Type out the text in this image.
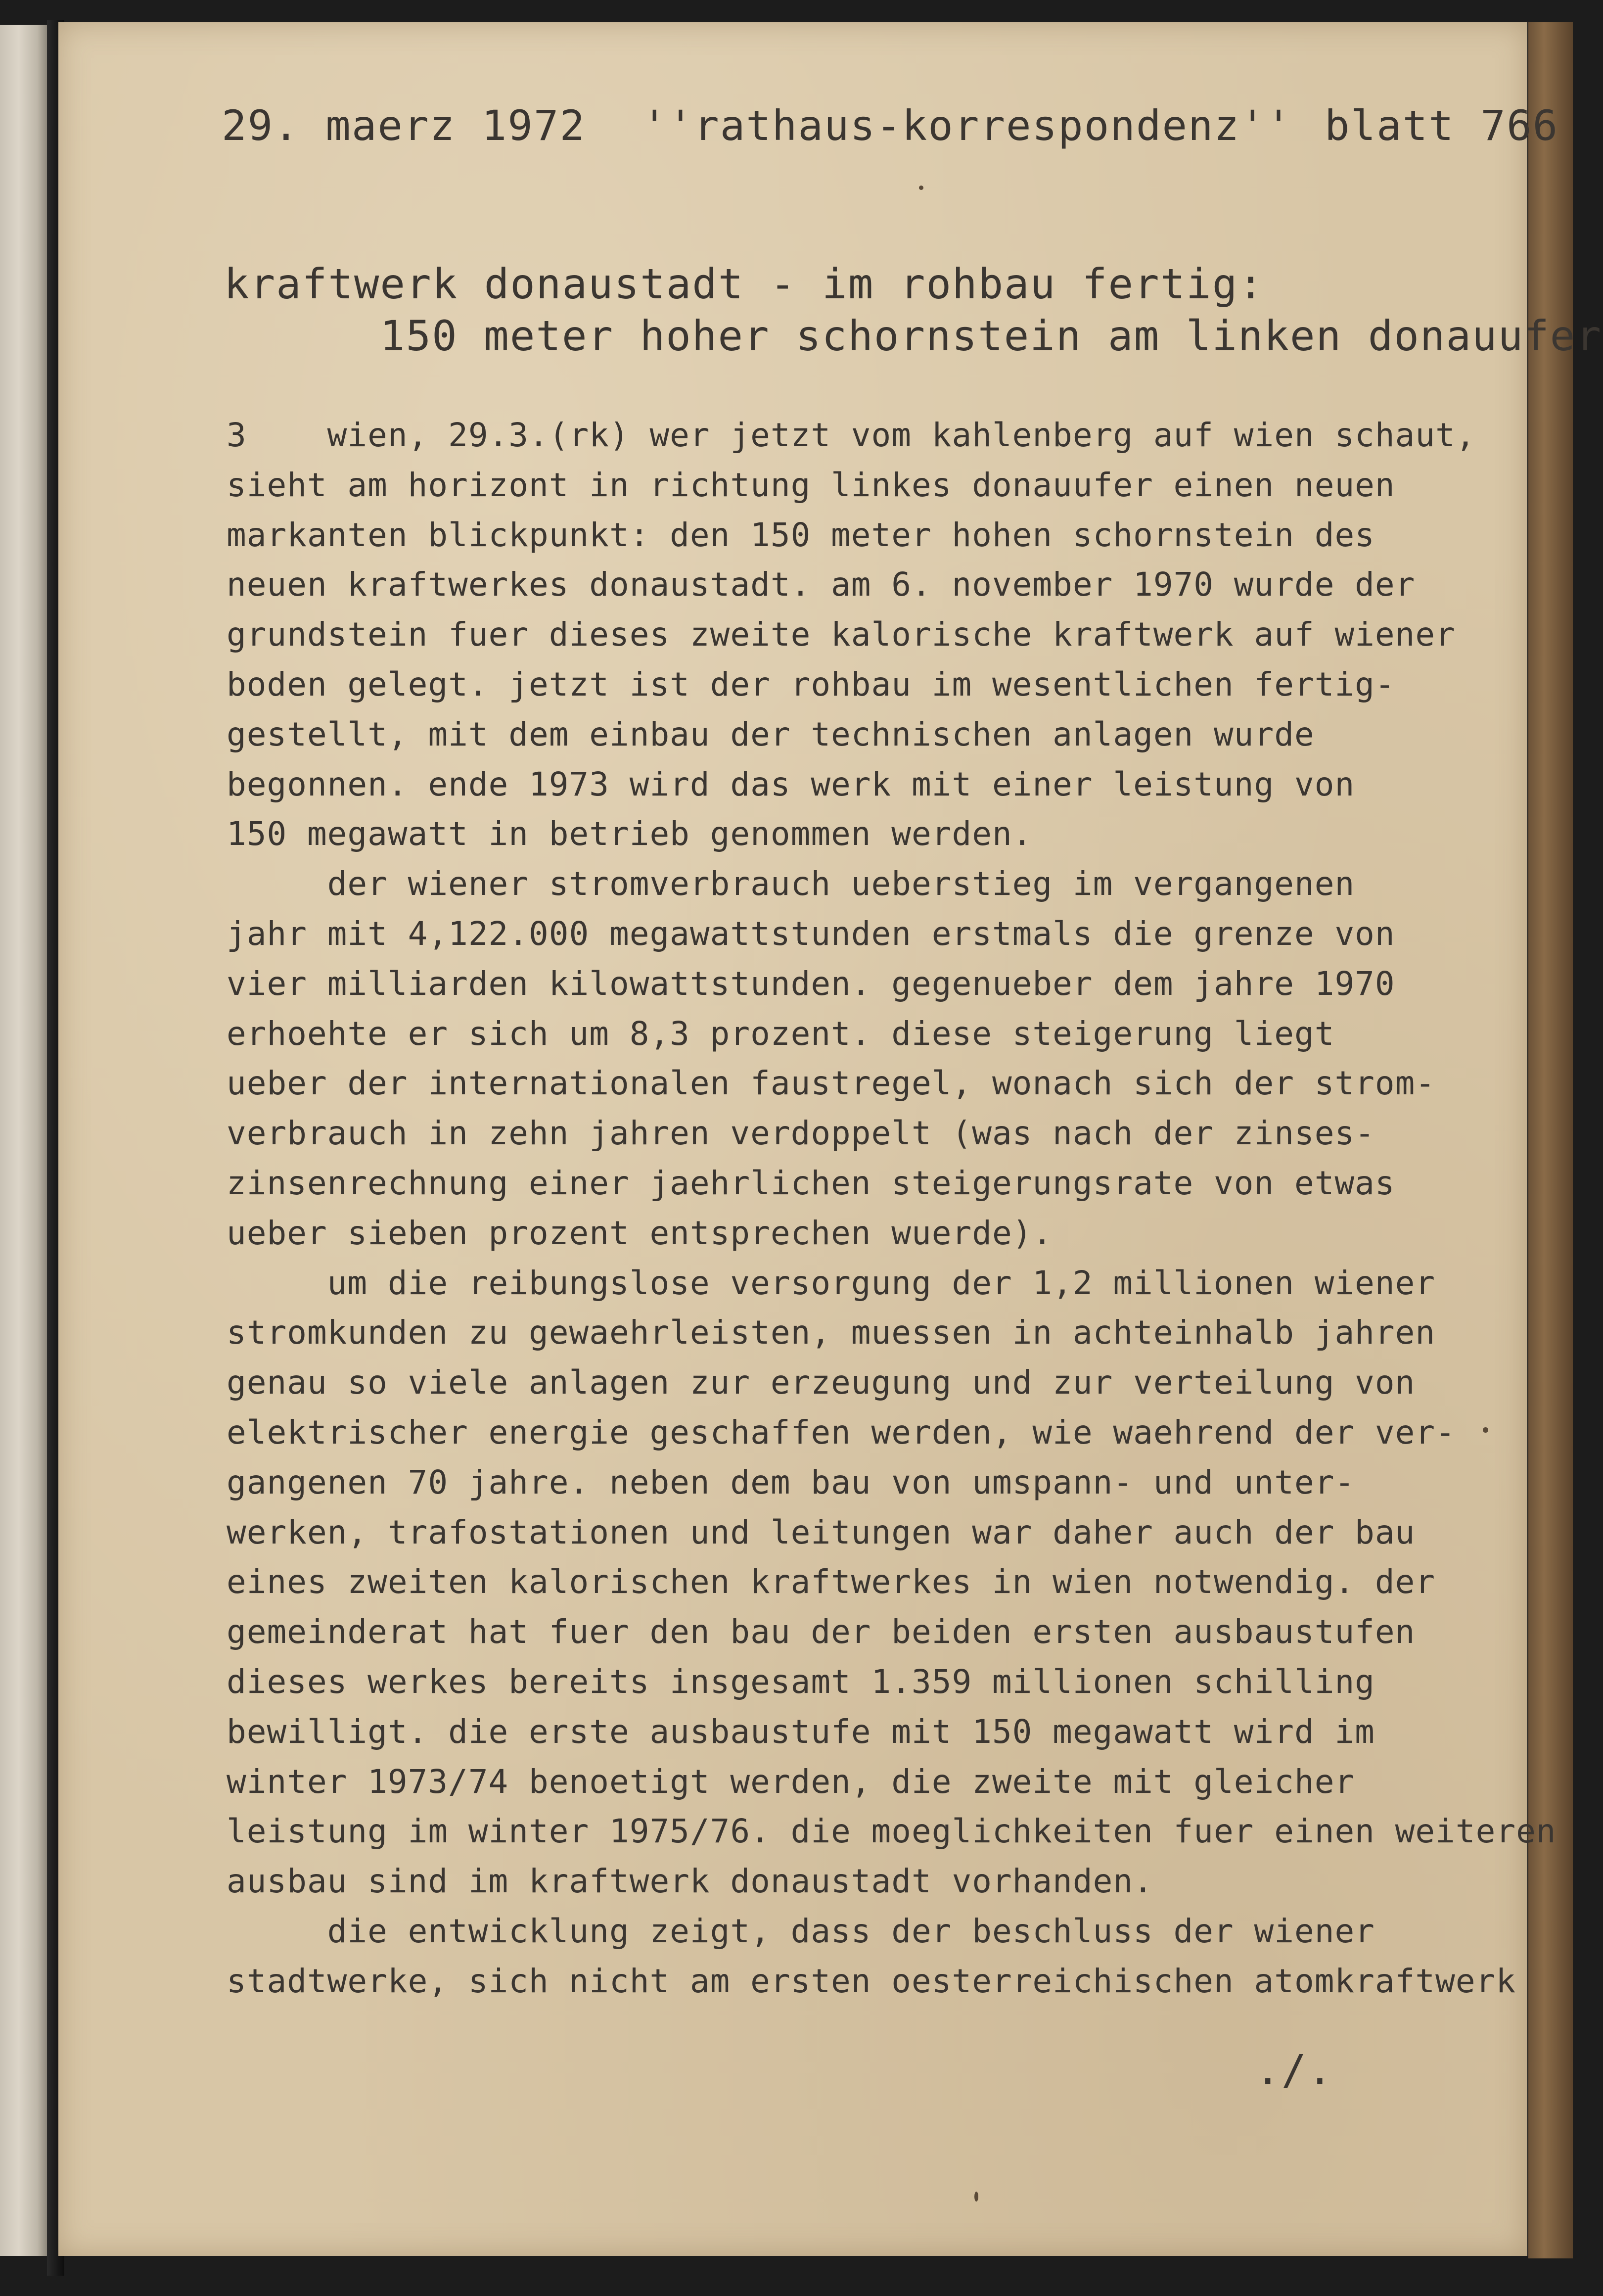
29. maerz 1972 ''rathaus-korrespondenz'' blatt 766
kraftwerk donaustadt - im rohbau fertig:
150 meter hoher schornstein am linken donauufer
3    wien, 29.3.(rk) wer jetzt vom kahlenberg auf wien schaut,
sieht am horizont in richtung linkes donauufer einen neuen
markanten blickpunkt: den 150 meter hohen schornstein des
neuen kraftwerkes donaustadt. am 6. november 1970 wurde der
grundstein fuer dieses zweite kalorische kraftwerk auf wiener
boden gelegt. jetzt ist der rohbau im wesentlichen fertig-
gestellt, mit dem einbau der technischen anlagen wurde
begonnen. ende 1973 wird das werk mit einer leistung von
150 megawatt in betrieb genommen werden.
der wiener stromverbrauch ueberstieg im vergangenen
jahr mit 4,122.000 megawattstunden erstmals die grenze von
vier milliarden kilowattstunden. gegenueber dem jahre 1970
erhoehte er sich um 8,3 prozent. diese steigerung liegt
ueber der internationalen faustregel, wonach sich der strom-
verbrauch in zehn jahren verdoppelt (was nach der zinses-
zinsenrechnung einer jaehrlichen steigerungsrate von etwas
ueber sieben prozent entsprechen wuerde).
um die reibungslose versorgung der 1,2 millionen wiener
stromkunden zu gewaehrleisten, muessen in achteinhalb jahren
genau so viele anlagen zur erzeugung und zur verteilung von
elektrischer energie geschaffen werden, wie waehrend der ver-
gangenen 70 jahre. neben dem bau von umspann- und unter-
werken, trafostationen und leitungen war daher auch der bau
eines zweiten kalorischen kraftwerkes in wien notwendig. der
gemeinderat hat fuer den bau der beiden ersten ausbaustufen
dieses werkes bereits insgesamt 1.359 millionen schilling
bewilligt. die erste ausbaustufe mit 150 megawatt wird im
winter 1973/74 benoetigt werden, die zweite mit gleicher
leistung im winter 1975/76. die moeglichkeiten fuer einen weiteren
ausbau sind im kraftwerk donaustadt vorhanden.
die entwicklung zeigt, dass der beschluss der wiener
stadtwerke, sich nicht am ersten oesterreichischen atomkraftwerk
./.
